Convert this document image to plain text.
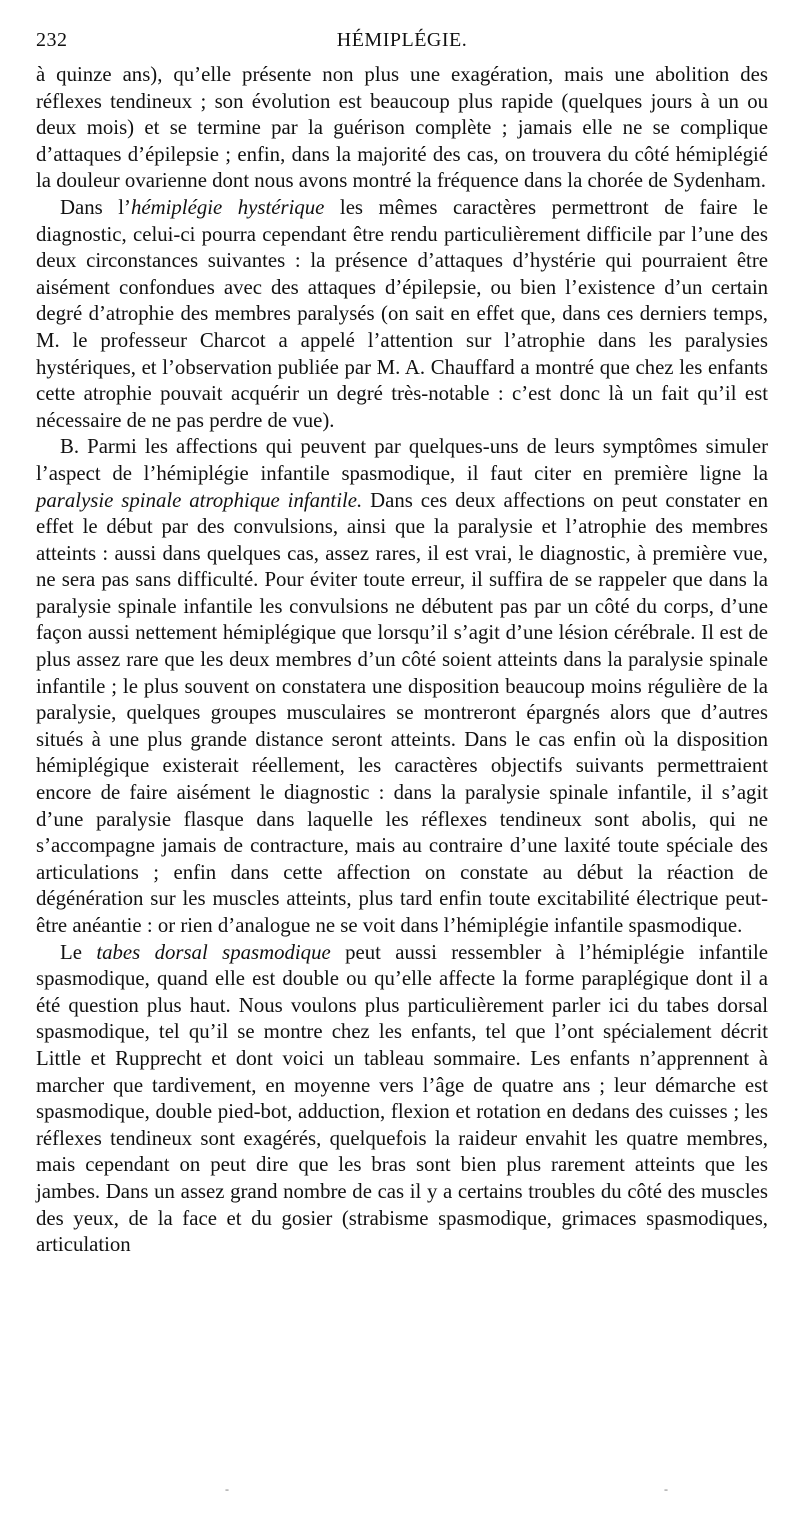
232	HÉMIPLÉGIE.

à quinze ans), qu’elle présente non plus une exagération, mais une abolition des réflexes tendineux ; son évolution est beaucoup plus rapide (quelques jours à un ou deux mois) et se termine par la guérison complète ; jamais elle ne se complique d’attaques d’épilepsie ; enfin, dans la majorité des cas, on trouvera du côté hémiplégié la douleur ovarienne dont nous avons montré la fréquence dans la chorée de Sydenham.

Dans l’hémiplégie hystérique les mêmes caractères permettront de faire le diagnostic, celui-ci pourra cependant être rendu particulièrement difficile par l’une des deux circonstances suivantes : la présence d’attaques d’hystérie qui pourraient être aisément confondues avec des attaques d’épilepsie, ou bien l’existence d’un certain degré d’atrophie des membres paralysés (on sait en effet que, dans ces derniers temps, M. le professeur Charcot a appelé l’attention sur l’atrophie dans les paralysies hystériques, et l’observation publiée par M. A. Chauffard a montré que chez les enfants cette atrophie pouvait acquérir un degré très-notable : c’est donc là un fait qu’il est nécessaire de ne pas perdre de vue).

B. Parmi les affections qui peuvent par quelques-uns de leurs symptômes simuler l’aspect de l’hémiplégie infantile spasmodique, il faut citer en première ligne la paralysie spinale atrophique infantile. Dans ces deux affections on peut constater en effet le début par des convulsions, ainsi que la paralysie et l’atrophie des membres atteints : aussi dans quelques cas, assez rares, il est vrai, le diagnostic, à première vue, ne sera pas sans difficulté. Pour éviter toute erreur, il suffira de se rappeler que dans la paralysie spinale infantile les convulsions ne débutent pas par un côté du corps, d’une façon aussi nettement hémiplégique que lorsqu’il s’agit d’une lésion cérébrale. Il est de plus assez rare que les deux membres d’un côté soient atteints dans la paralysie spinale infantile ; le plus souvent on constatera une disposition beaucoup moins régulière de la paralysie, quelques groupes musculaires se montreront épargnés alors que d’autres situés à une plus grande distance seront atteints. Dans le cas enfin où la disposition hémiplégique existerait réellement, les caractères objectifs suivants permettraient encore de faire aisément le diagnostic : dans la paralysie spinale infantile, il s’agit d’une paralysie flasque dans laquelle les réflexes tendineux sont abolis, qui ne s’accompagne jamais de contracture, mais au contraire d’une laxité toute spéciale des articulations ; enfin dans cette affection on constate au début la réaction de dégénération sur les muscles atteints, plus tard enfin toute excitabilité électrique peut-être anéantie : or rien d’analogue ne se voit dans l’hémiplégie infantile spasmodique.

Le tabes dorsal spasmodique peut aussi ressembler à l’hémiplégie infantile spasmodique, quand elle est double ou qu’elle affecte la forme paraplégique dont il a été question plus haut. Nous voulons plus particulièrement parler ici du tabes dorsal spasmodique, tel qu’il se montre chez les enfants, tel que l’ont spécialement décrit Little et Rupprecht et dont voici un tableau sommaire. Les enfants n’apprennent à marcher que tardivement, en moyenne vers l’âge de quatre ans ; leur démarche est spasmodique, double pied-bot, adduction, flexion et rotation en dedans des cuisses ; les réflexes tendineux sont exagérés, quelquefois la raideur envahit les quatre membres, mais cependant on peut dire que les bras sont bien plus rarement atteints que les jambes. Dans un assez grand nombre de cas il y a certains troubles du côté des muscles des yeux, de la face et du gosier (strabisme spasmodique, grimaces spasmodiques, articulation

-	-
